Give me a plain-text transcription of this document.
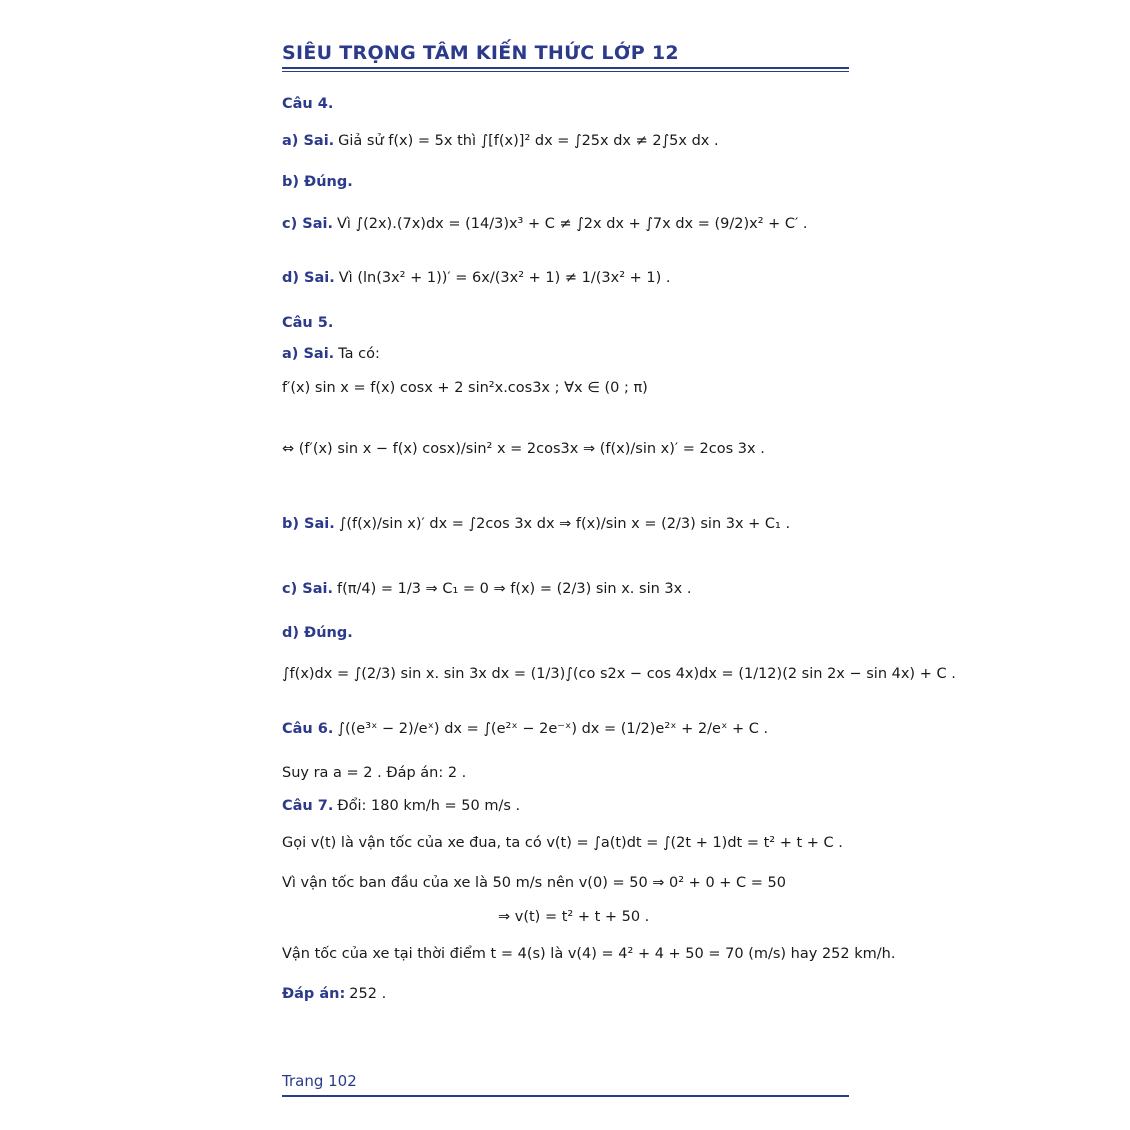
SIÊU TRỌNG TÂM KIẾN THỨC LỚP 12
Câu 4.
a) Sai. Giả sử f(x) = 5x thì ∫[f(x)]² dx = ∫25x dx ≠ 2∫5x dx .
b) Đúng.
c) Sai. Vì ∫(2x).(7x)dx = (14/3)x³ + C ≠ ∫2x dx + ∫7x dx = (9/2)x² + C′ .
d) Sai. Vì (ln(3x² + 1))′ = 6x/(3x² + 1) ≠ 1/(3x² + 1) .
Câu 5.
a) Sai. Ta có:
f′(x) sin x = f(x) cosx + 2 sin²x.cos3x ; ∀x ∈ (0 ; π)
⇔ (f′(x) sin x − f(x) cosx)/sin² x = 2cos3x ⇒ (f(x)/sin x)′ = 2cos 3x .
b) Sai. ∫(f(x)/sin x)′ dx = ∫2cos 3x dx ⇒ f(x)/sin x = (2/3) sin 3x + C₁ .
c) Sai. f(π/4) = 1/3 ⇒ C₁ = 0 ⇒ f(x) = (2/3) sin x. sin 3x .
d) Đúng.
∫f(x)dx = ∫(2/3) sin x. sin 3x dx = (1/3)∫(co s2x − cos 4x)dx = (1/12)(2 sin 2x − sin 4x) + C .
Câu 6. ∫((e³ˣ − 2)/eˣ) dx = ∫(e²ˣ − 2e⁻ˣ) dx = (1/2)e²ˣ + 2/eˣ + C .
Suy ra a = 2 . Đáp án: 2 .
Câu 7. Đổi: 180 km/h = 50 m/s .
Gọi v(t) là vận tốc của xe đua, ta có v(t) = ∫a(t)dt = ∫(2t + 1)dt = t² + t + C .
Vì vận tốc ban đầu của xe là 50 m/s nên v(0) = 50 ⇒ 0² + 0 + C = 50
⇒ v(t) = t² + t + 50 .
Vận tốc của xe tại thời điểm t = 4(s) là v(4) = 4² + 4 + 50 = 70 (m/s) hay 252 km/h.
Đáp án: 252 .
Trang 102
